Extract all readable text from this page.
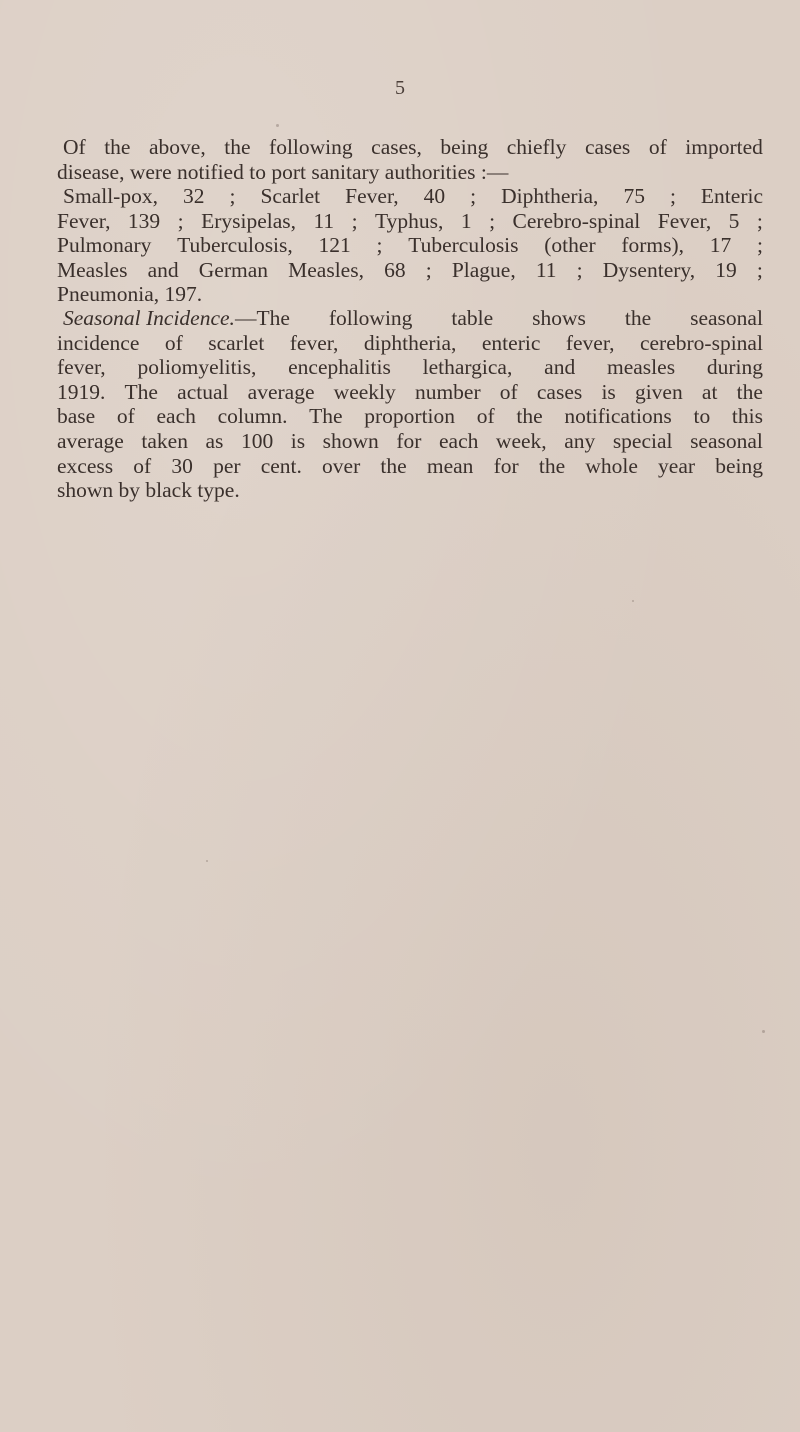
5
Of the above, the following cases, being chiefly cases of imported
disease, were notified to port sanitary authorities :—
Small-pox, 32 ; Scarlet Fever, 40 ; Diphtheria, 75 ; Enteric
Fever, 139 ; Erysipelas, 11 ; Typhus, 1 ; Cerebro-spinal Fever, 5 ;
Pulmonary Tuberculosis, 121 ; Tuberculosis (other forms), 17 ;
Measles and German Measles, 68 ; Plague, 11 ; Dysentery, 19 ;
Pneumonia, 197.
Seasonal Incidence. —The following table shows the seasonal
incidence of scarlet fever, diphtheria, enteric fever, cerebro-spinal
fever, poliomyelitis, encephalitis lethargica, and measles during
1919. The actual average weekly number of cases is given at the
base of each column. The proportion of the notifications to this
average taken as 100 is shown for each week, any special seasonal
excess of 30 per cent. over the mean for the whole year being
shown by black type.
